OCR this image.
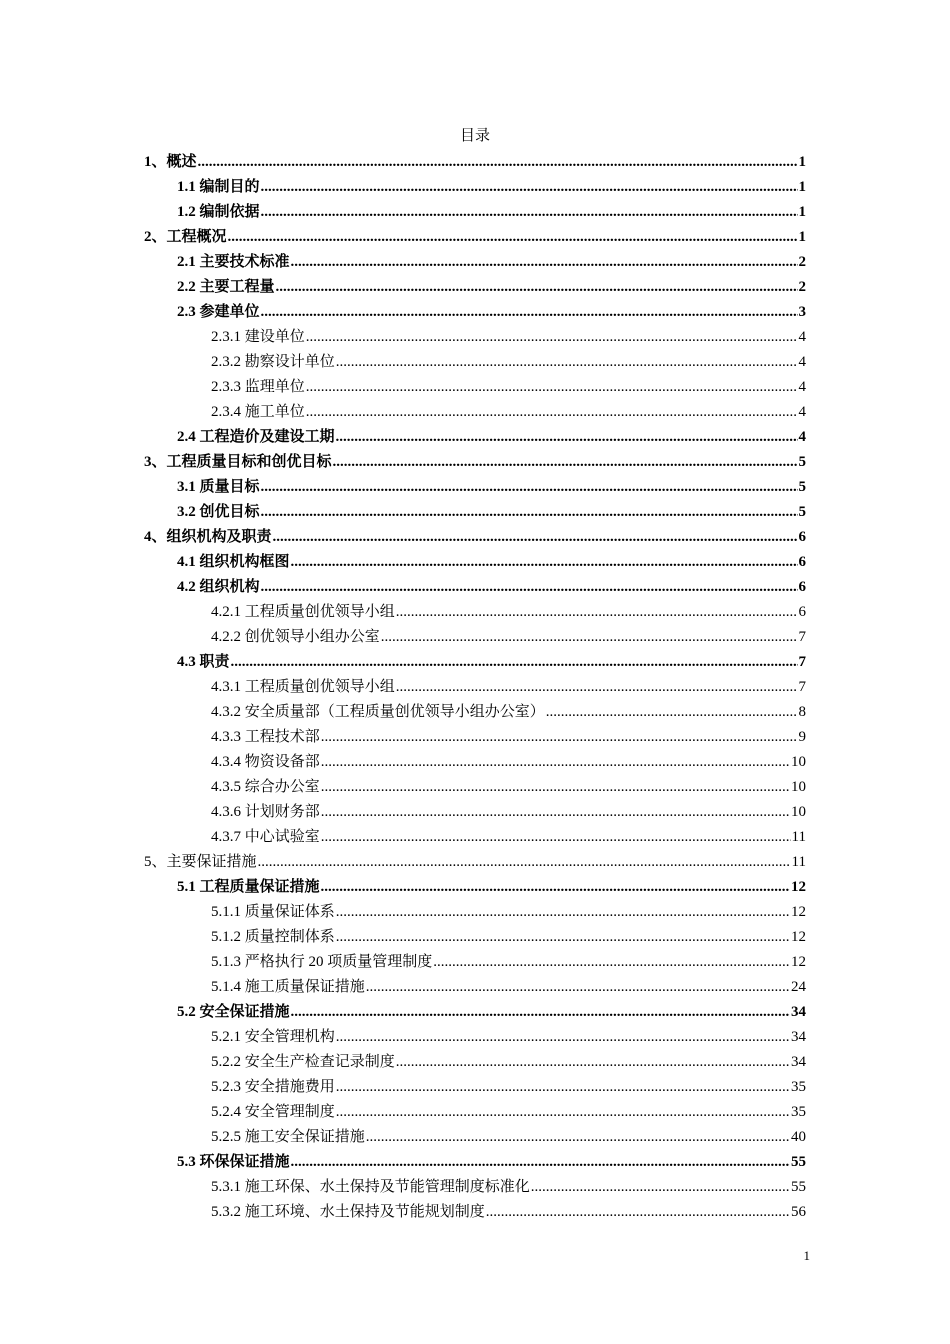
目录
1、概述 .....	1
1.1 编制目的 .....	1
1.2 编制依据 .....	1
2、工程概况 .....	1
2.1 主要技术标准 .....	2
2.2 主要工程量 .....	2
2.3 参建单位 .....	3
2.3.1 建设单位 .....	4
2.3.2 勘察设计单位 .....	4
2.3.3 监理单位 .....	4
2.3.4 施工单位 .....	4
2.4 工程造价及建设工期 .....	4
3、工程质量目标和创优目标 .....	5
3.1 质量目标 .....	5
3.2 创优目标 .....	5
4、组织机构及职责 .....	6
4.1 组织机构框图 .....	6
4.2 组织机构 .....	6
4.2.1 工程质量创优领导小组 .....	6
4.2.2 创优领导小组办公室 .....	7
4.3 职责 .....	7
4.3.1 工程质量创优领导小组 .....	7
4.3.2 安全质量部（工程质量创优领导小组办公室） .....	8
4.3.3 工程技术部 .....	9
4.3.4 物资设备部 .....	10
4.3.5 综合办公室 .....	10
4.3.6 计划财务部 .....	10
4.3.7 中心试验室 .....	11
5、主要保证措施 .....	11
5.1 工程质量保证措施 .....	12
5.1.1 质量保证体系 .....	12
5.1.2 质量控制体系 .....	12
5.1.3 严格执行 20 项质量管理制度 .....	12
5.1.4 施工质量保证措施 .....	24
5.2 安全保证措施 .....	34
5.2.1 安全管理机构 .....	34
5.2.2 安全生产检查记录制度 .....	34
5.2.3 安全措施费用 .....	35
5.2.4 安全管理制度 .....	35
5.2.5 施工安全保证措施 .....	40
5.3 环保保证措施 .....	55
5.3.1 施工环保、水土保持及节能管理制度标准化 .....	55
5.3.2 施工环境、水土保持及节能规划制度 .....	56
1
